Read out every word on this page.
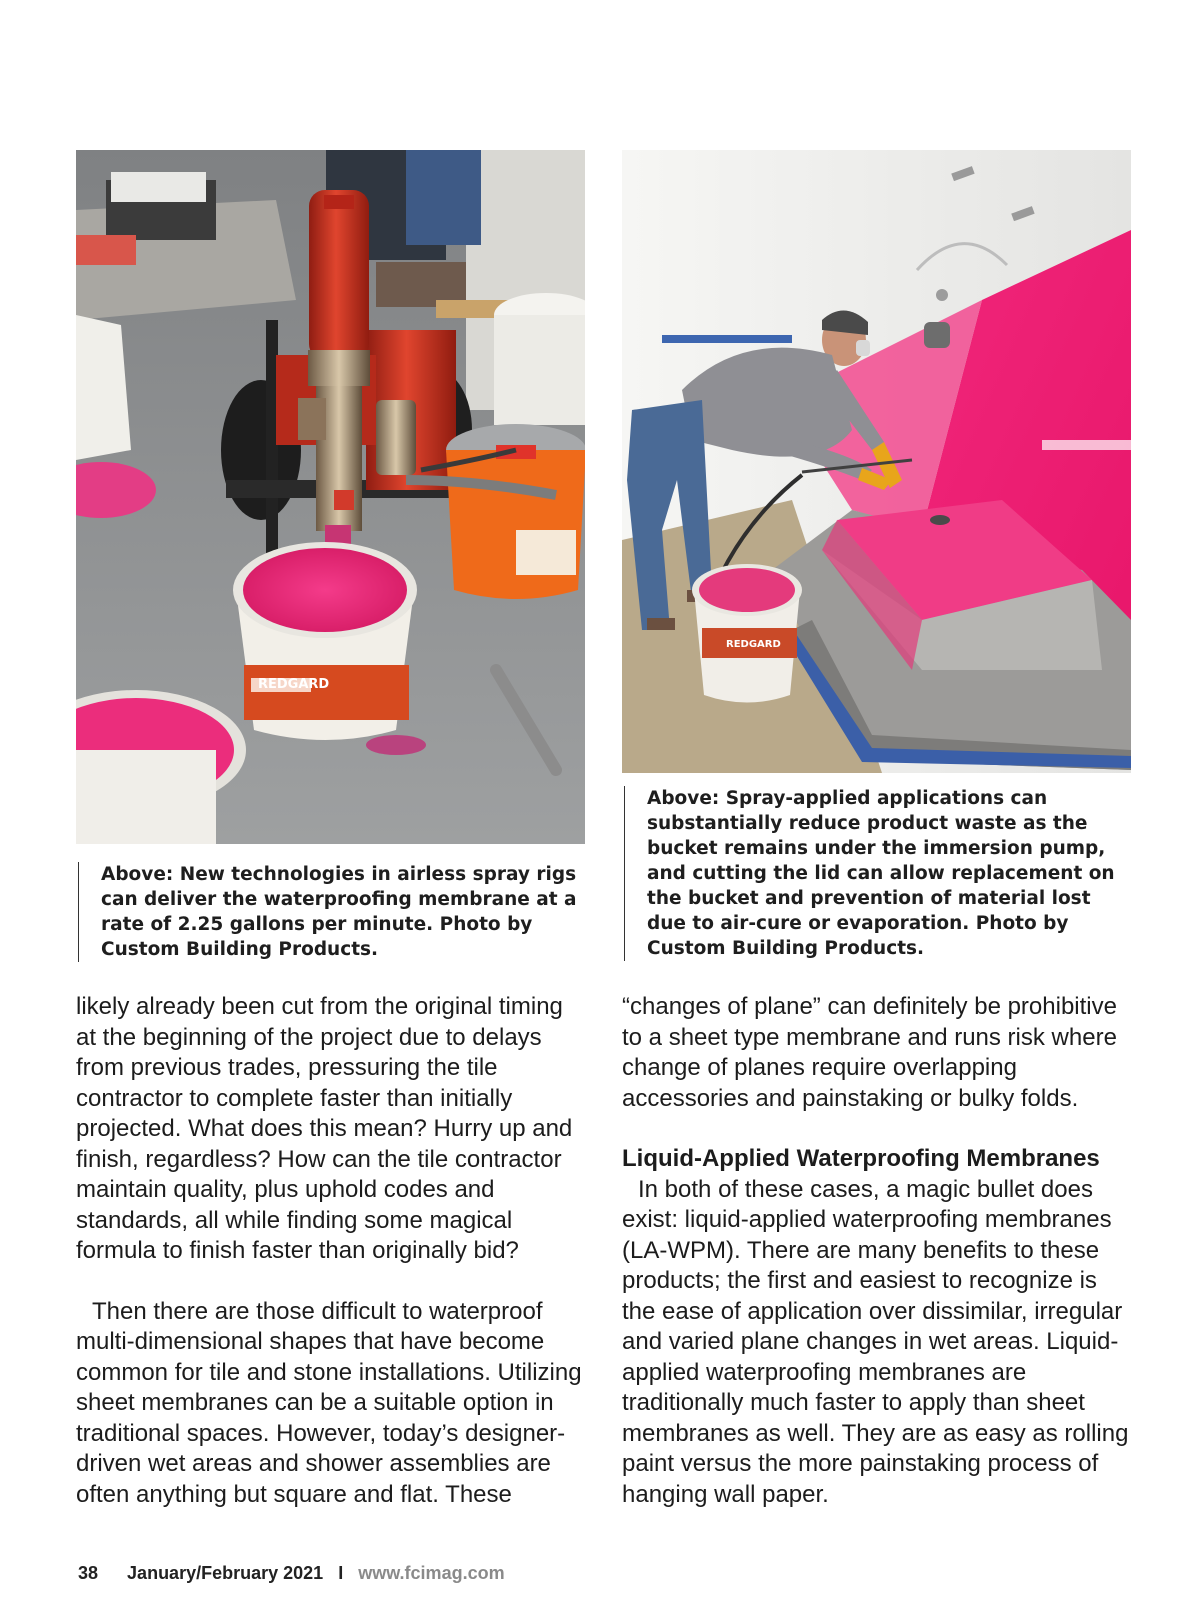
REDGARD
REDGARD
Above: New technologies in airless spray rigs can deliver the waterproofing membrane at a rate of 2.25 gallons per minute. Photo by Custom Building Products.
Above: Spray-applied applications can substantially reduce product waste as the bucket remains under the immersion pump, and cutting the lid can allow replacement on the bucket and prevention of material lost due to air-cure or evaporation. Photo by Custom Building Products.

likely already been cut from the original timing at the beginning of the project due to delays from previous trades, pressuring the tile contractor to complete faster than initially projected. What does this mean? Hurry up and finish, regardless? How can the tile contractor maintain quality, plus uphold codes and standards, all while finding some magical formula to finish faster than originally bid?

Then there are those difficult to waterproof multi-dimensional shapes that have become common for tile and stone installations. Utilizing sheet membranes can be a suitable option in traditional spaces. However, today’s designer-driven wet areas and shower assemblies are often anything but square and flat. These

“changes of plane” can definitely be prohibitive to a sheet type membrane and runs risk where change of planes require overlapping accessories and painstaking or bulky folds.

Liquid-Applied Waterproofing Membranes

In both of these cases, a magic bullet does exist: liquid-applied waterproofing membranes (LA-WPM). There are many benefits to these products; the first and easiest to recognize is the ease of application over dissimilar, irregular and varied plane changes in wet areas. Liquid-applied waterproofing membranes are traditionally much faster to apply than sheet membranes as well. They are as easy as rolling paint versus the more painstaking process of hanging wall paper.

38 January/February 2021 I www.fcimag.com
